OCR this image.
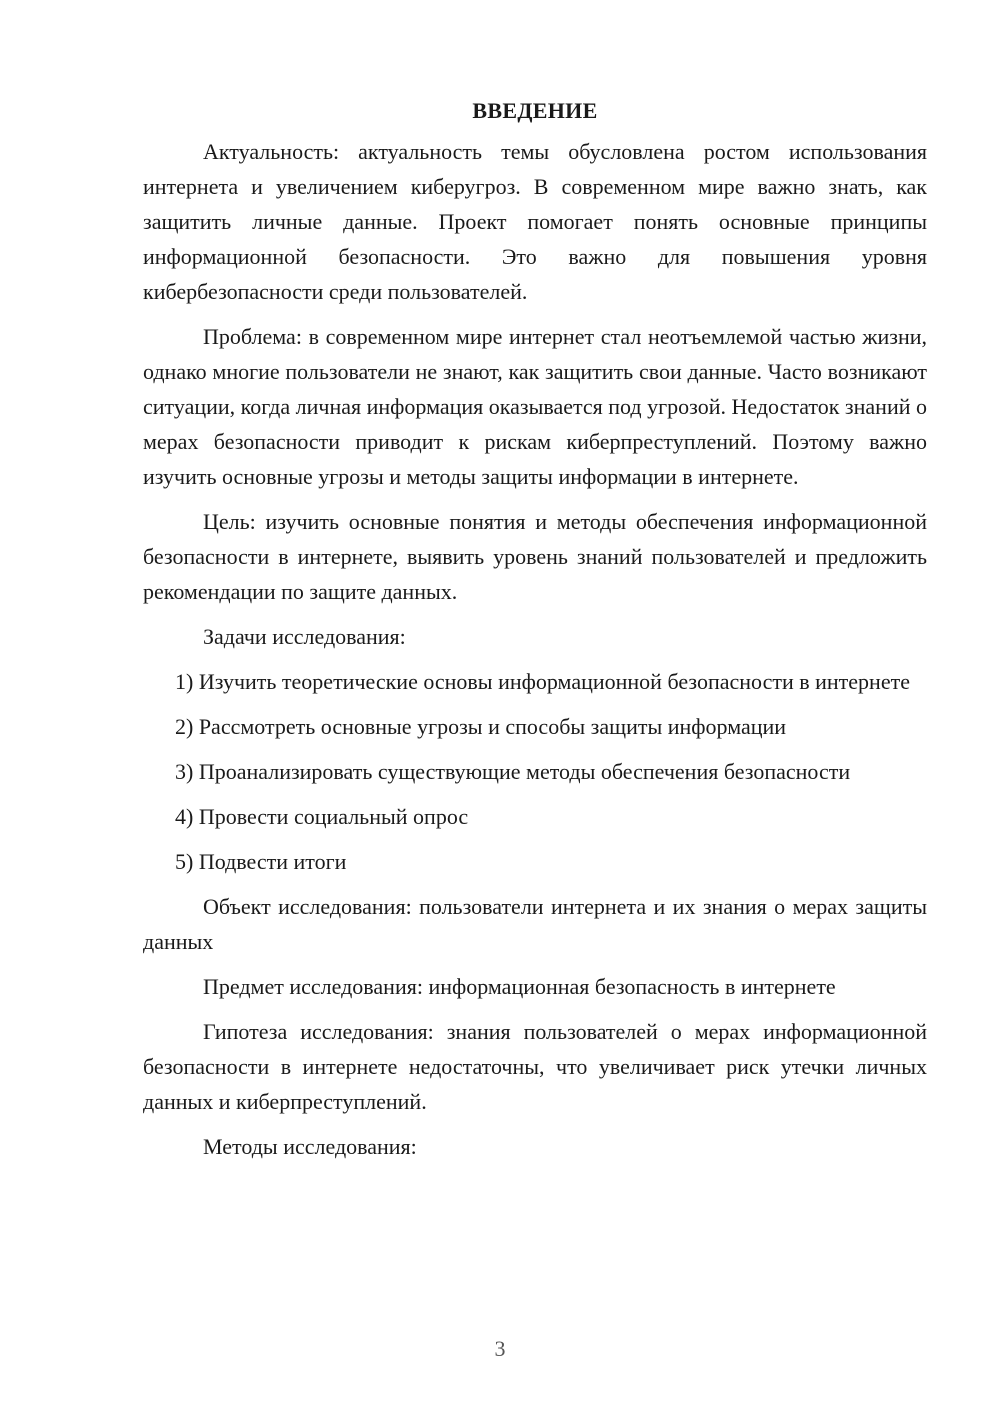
ВВЕДЕНИЕ

Актуальность: актуальность темы обусловлена ростом использования интернета и увеличением киберугроз. В современном мире важно знать, как защитить личные данные. Проект помогает понять основные принципы информационной безопасности. Это важно для повышения уровня кибербезопасности среди пользователей.

Проблема: в современном мире интернет стал неотъемлемой частью жизни, однако многие пользователи не знают, как защитить свои данные. Часто возникают ситуации, когда личная информация оказывается под угрозой. Недостаток знаний о мерах безопасности приводит к рискам киберпреступлений. Поэтому важно изучить основные угрозы и методы защиты информации в интернете.

Цель: изучить основные понятия и методы обеспечения информационной безопасности в интернете, выявить уровень знаний пользователей и предложить рекомендации по защите данных.

Задачи исследования:

1) Изучить теоретические основы информационной безопасности в интернете

2) Рассмотреть основные угрозы и способы защиты информации

3) Проанализировать существующие методы обеспечения безопасности

4) Провести социальный опрос

5) Подвести итоги

Объект исследования: пользователи интернета и их знания о мерах защиты данных

Предмет исследования: информационная безопасность в интернете

Гипотеза исследования: знания пользователей о мерах информационной безопасности в интернете недостаточны, что увеличивает риск утечки личных данных и киберпреступлений.

Методы исследования:

3
